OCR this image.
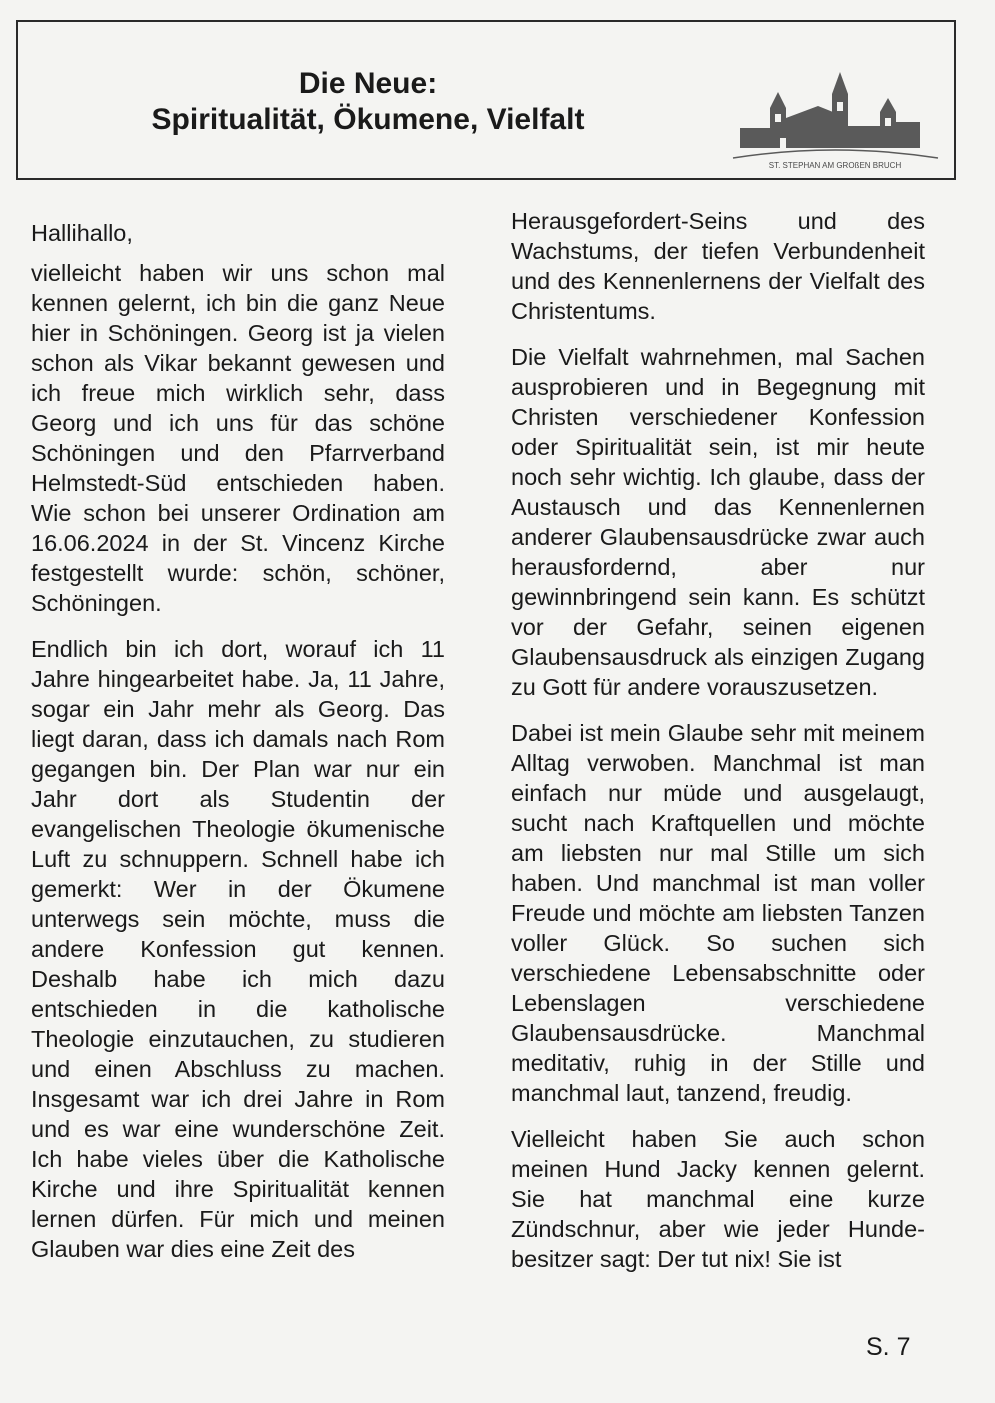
Die Neue:
Spiritualität, Ökumene, Vielfalt
ST. STEPHAN AM GROßEN BRUCH

Hallihallo,

vielleicht haben wir uns schon mal kennen gelernt, ich bin die ganz Neue hier in Schöningen. Georg ist ja vielen schon als Vikar bekannt gewesen und ich freue mich wirklich sehr, dass Georg und ich uns für das schöne Schöningen und den Pfarrverband Helmstedt-Süd entschieden haben. Wie schon bei unserer Ordination am 16.06.2024 in der St. Vincenz Kirche festgestellt wurde: schön, schöner, Schöningen.

Endlich bin ich dort, worauf ich 11 Jahre hingearbeitet habe. Ja, 11 Jahre, sogar ein Jahr mehr als Georg. Das liegt daran, dass ich damals nach Rom gegangen bin. Der Plan war nur ein Jahr dort als Studentin der evangelischen Theologie ökumenische Luft zu schnuppern. Schnell habe ich gemerkt: Wer in der Ökumene unterwegs sein möchte, muss die andere Konfession gut kennen. Deshalb habe ich mich dazu entschieden in die katholische Theologie einzutauchen, zu studieren und einen Abschluss zu machen. Insgesamt war ich drei Jahre in Rom und es war eine wunderschöne Zeit. Ich habe vieles über die Katholische Kirche und ihre Spiritualität kennen lernen dürfen. Für mich und meinen Glauben war dies eine Zeit des

Herausgefordert-Seins und des Wachstums, der tiefen Verbundenheit und des Kennenlernens der Vielfalt des Christentums.

Die Vielfalt wahrnehmen, mal Sachen ausprobieren und in Begegnung mit Christen verschiedener Konfession oder Spiritualität sein, ist mir heute noch sehr wichtig. Ich glaube, dass der Austausch und das Kennenlernen anderer Glaubensausdrücke zwar auch herausfordernd, aber nur gewinnbringend sein kann. Es schützt vor der Gefahr, seinen eigenen Glaubensausdruck als einzigen Zugang zu Gott für andere vorauszusetzen.

Dabei ist mein Glaube sehr mit meinem Alltag verwoben. Manchmal ist man einfach nur müde und ausgelaugt, sucht nach Kraftquellen und möchte am liebsten nur mal Stille um sich haben. Und manchmal ist man voller Freude und möchte am liebsten Tanzen voller Glück. So suchen sich verschiedene Lebensabschnitte oder Lebenslagen verschiedene Glaubensausdrücke. Manchmal meditativ, ruhig in der Stille und manchmal laut, tanzend, freudig.

Vielleicht haben Sie auch schon meinen Hund Jacky kennen gelernt. Sie hat manchmal eine kurze Zündschnur, aber wie jeder Hundebesitzer sagt: Der tut nix! Sie ist

S. 7
